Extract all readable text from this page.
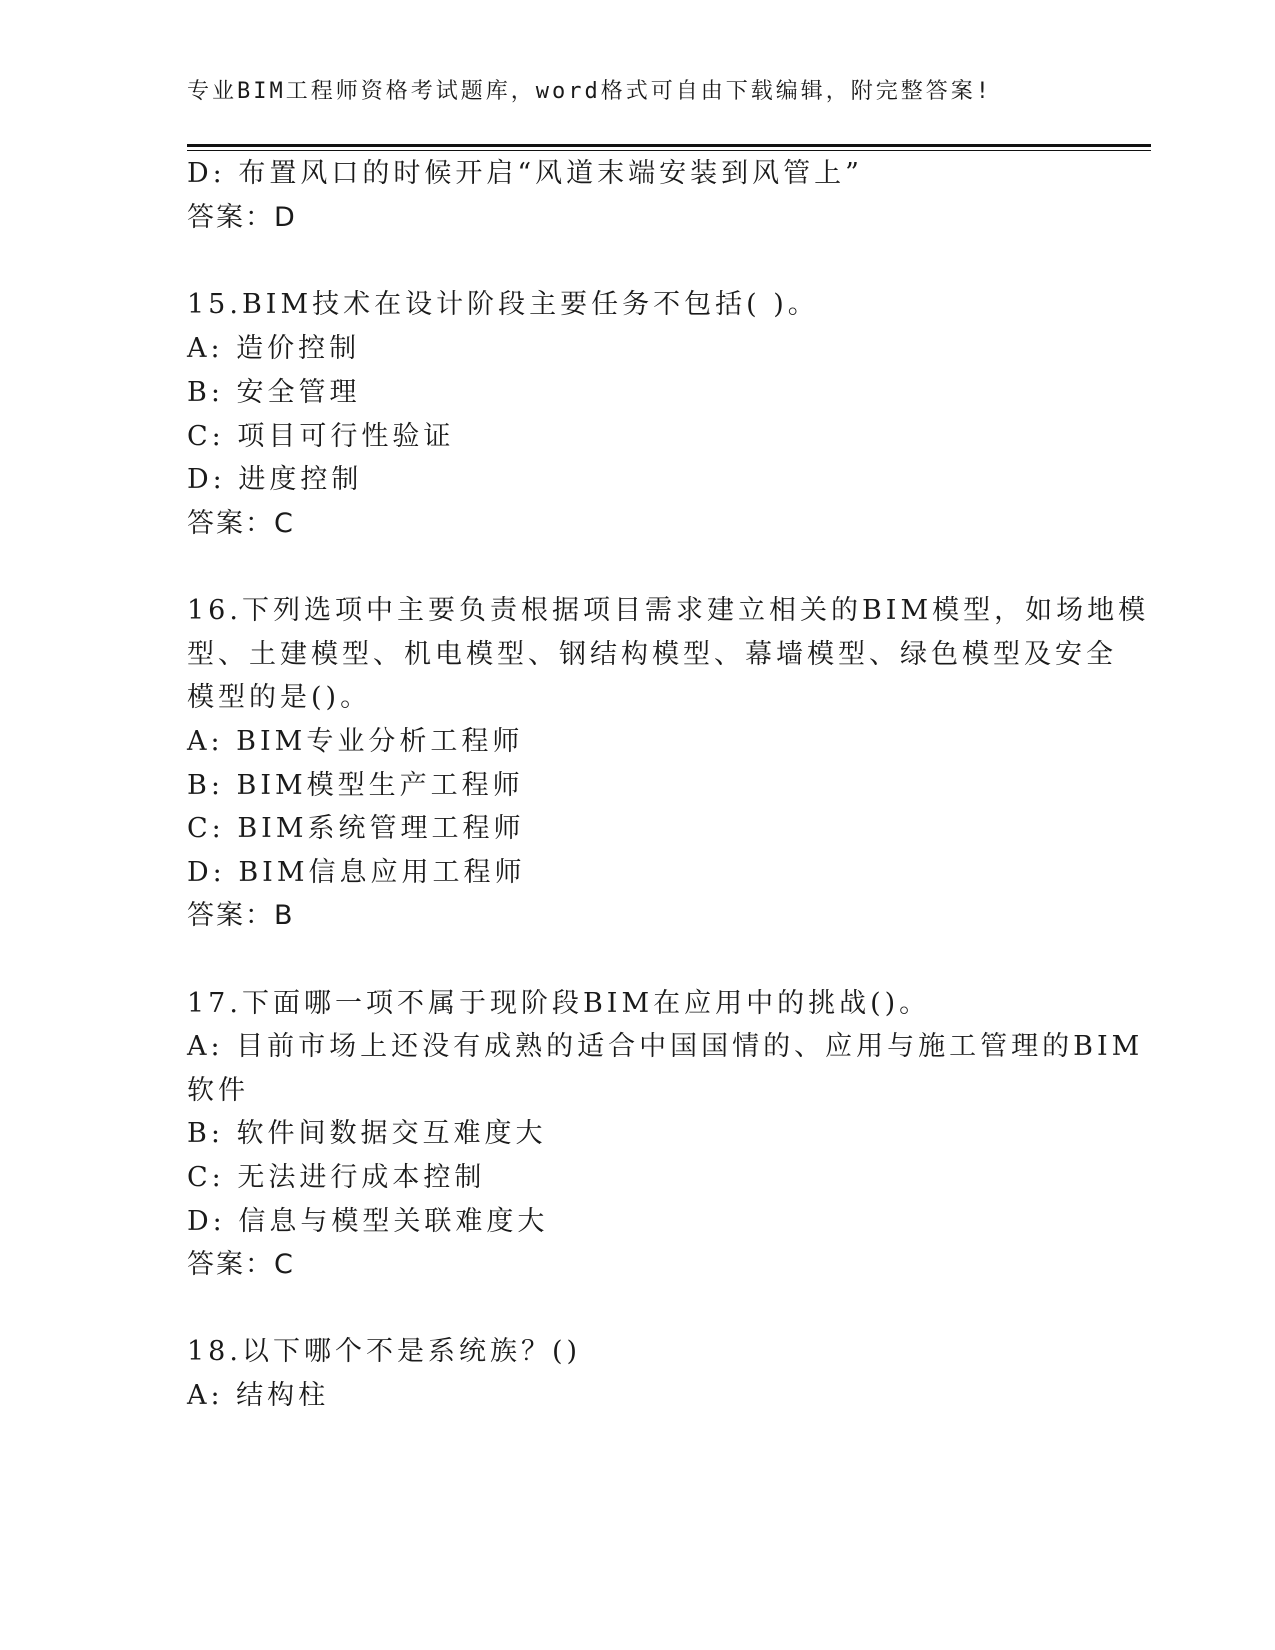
专业BIM工程师资格考试题库，word格式可自由下载编辑，附完整答案!
D: 布置风口的时候开启“风道末端安装到风管上”
答案：D
15.BIM技术在设计阶段主要任务不包括( )。
A: 造价控制
B: 安全管理
C: 项目可行性验证
D: 进度控制
答案：C
16.下列选项中主要负责根据项目需求建立相关的BIM模型，如场地模
型、土建模型、机电模型、钢结构模型、幕墙模型、绿色模型及安全
模型的是()。
A: BIM专业分析工程师
B: BIM模型生产工程师
C: BIM系统管理工程师
D: BIM信息应用工程师
答案：B
17.下面哪一项不属于现阶段BIM在应用中的挑战()。
A: 目前市场上还没有成熟的适合中国国情的、应用与施工管理的BIM
软件
B: 软件间数据交互难度大
C: 无法进行成本控制
D: 信息与模型关联难度大
答案：C
18.以下哪个不是系统族？()
A: 结构柱
